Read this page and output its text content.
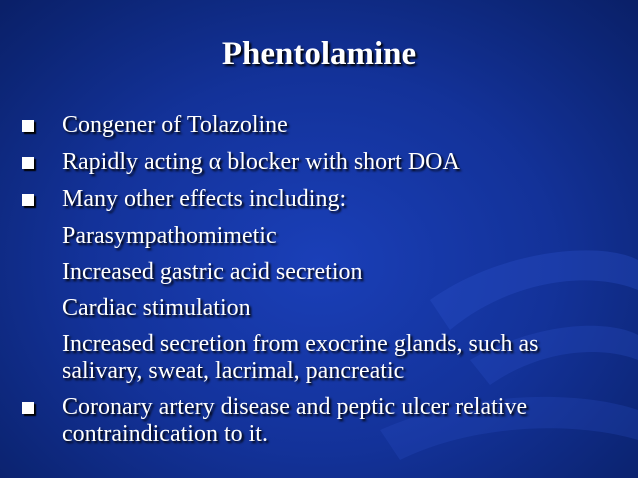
Phentolamine
Congener of Tolazoline
Rapidly acting α blocker with short DOA
Many other effects including:
Parasympathomimetic
Increased gastric acid secretion
Cardiac stimulation
Increased secretion from exocrine glands, such as salivary, sweat, lacrimal, pancreatic
Coronary artery disease and peptic ulcer relative contraindication to it.
